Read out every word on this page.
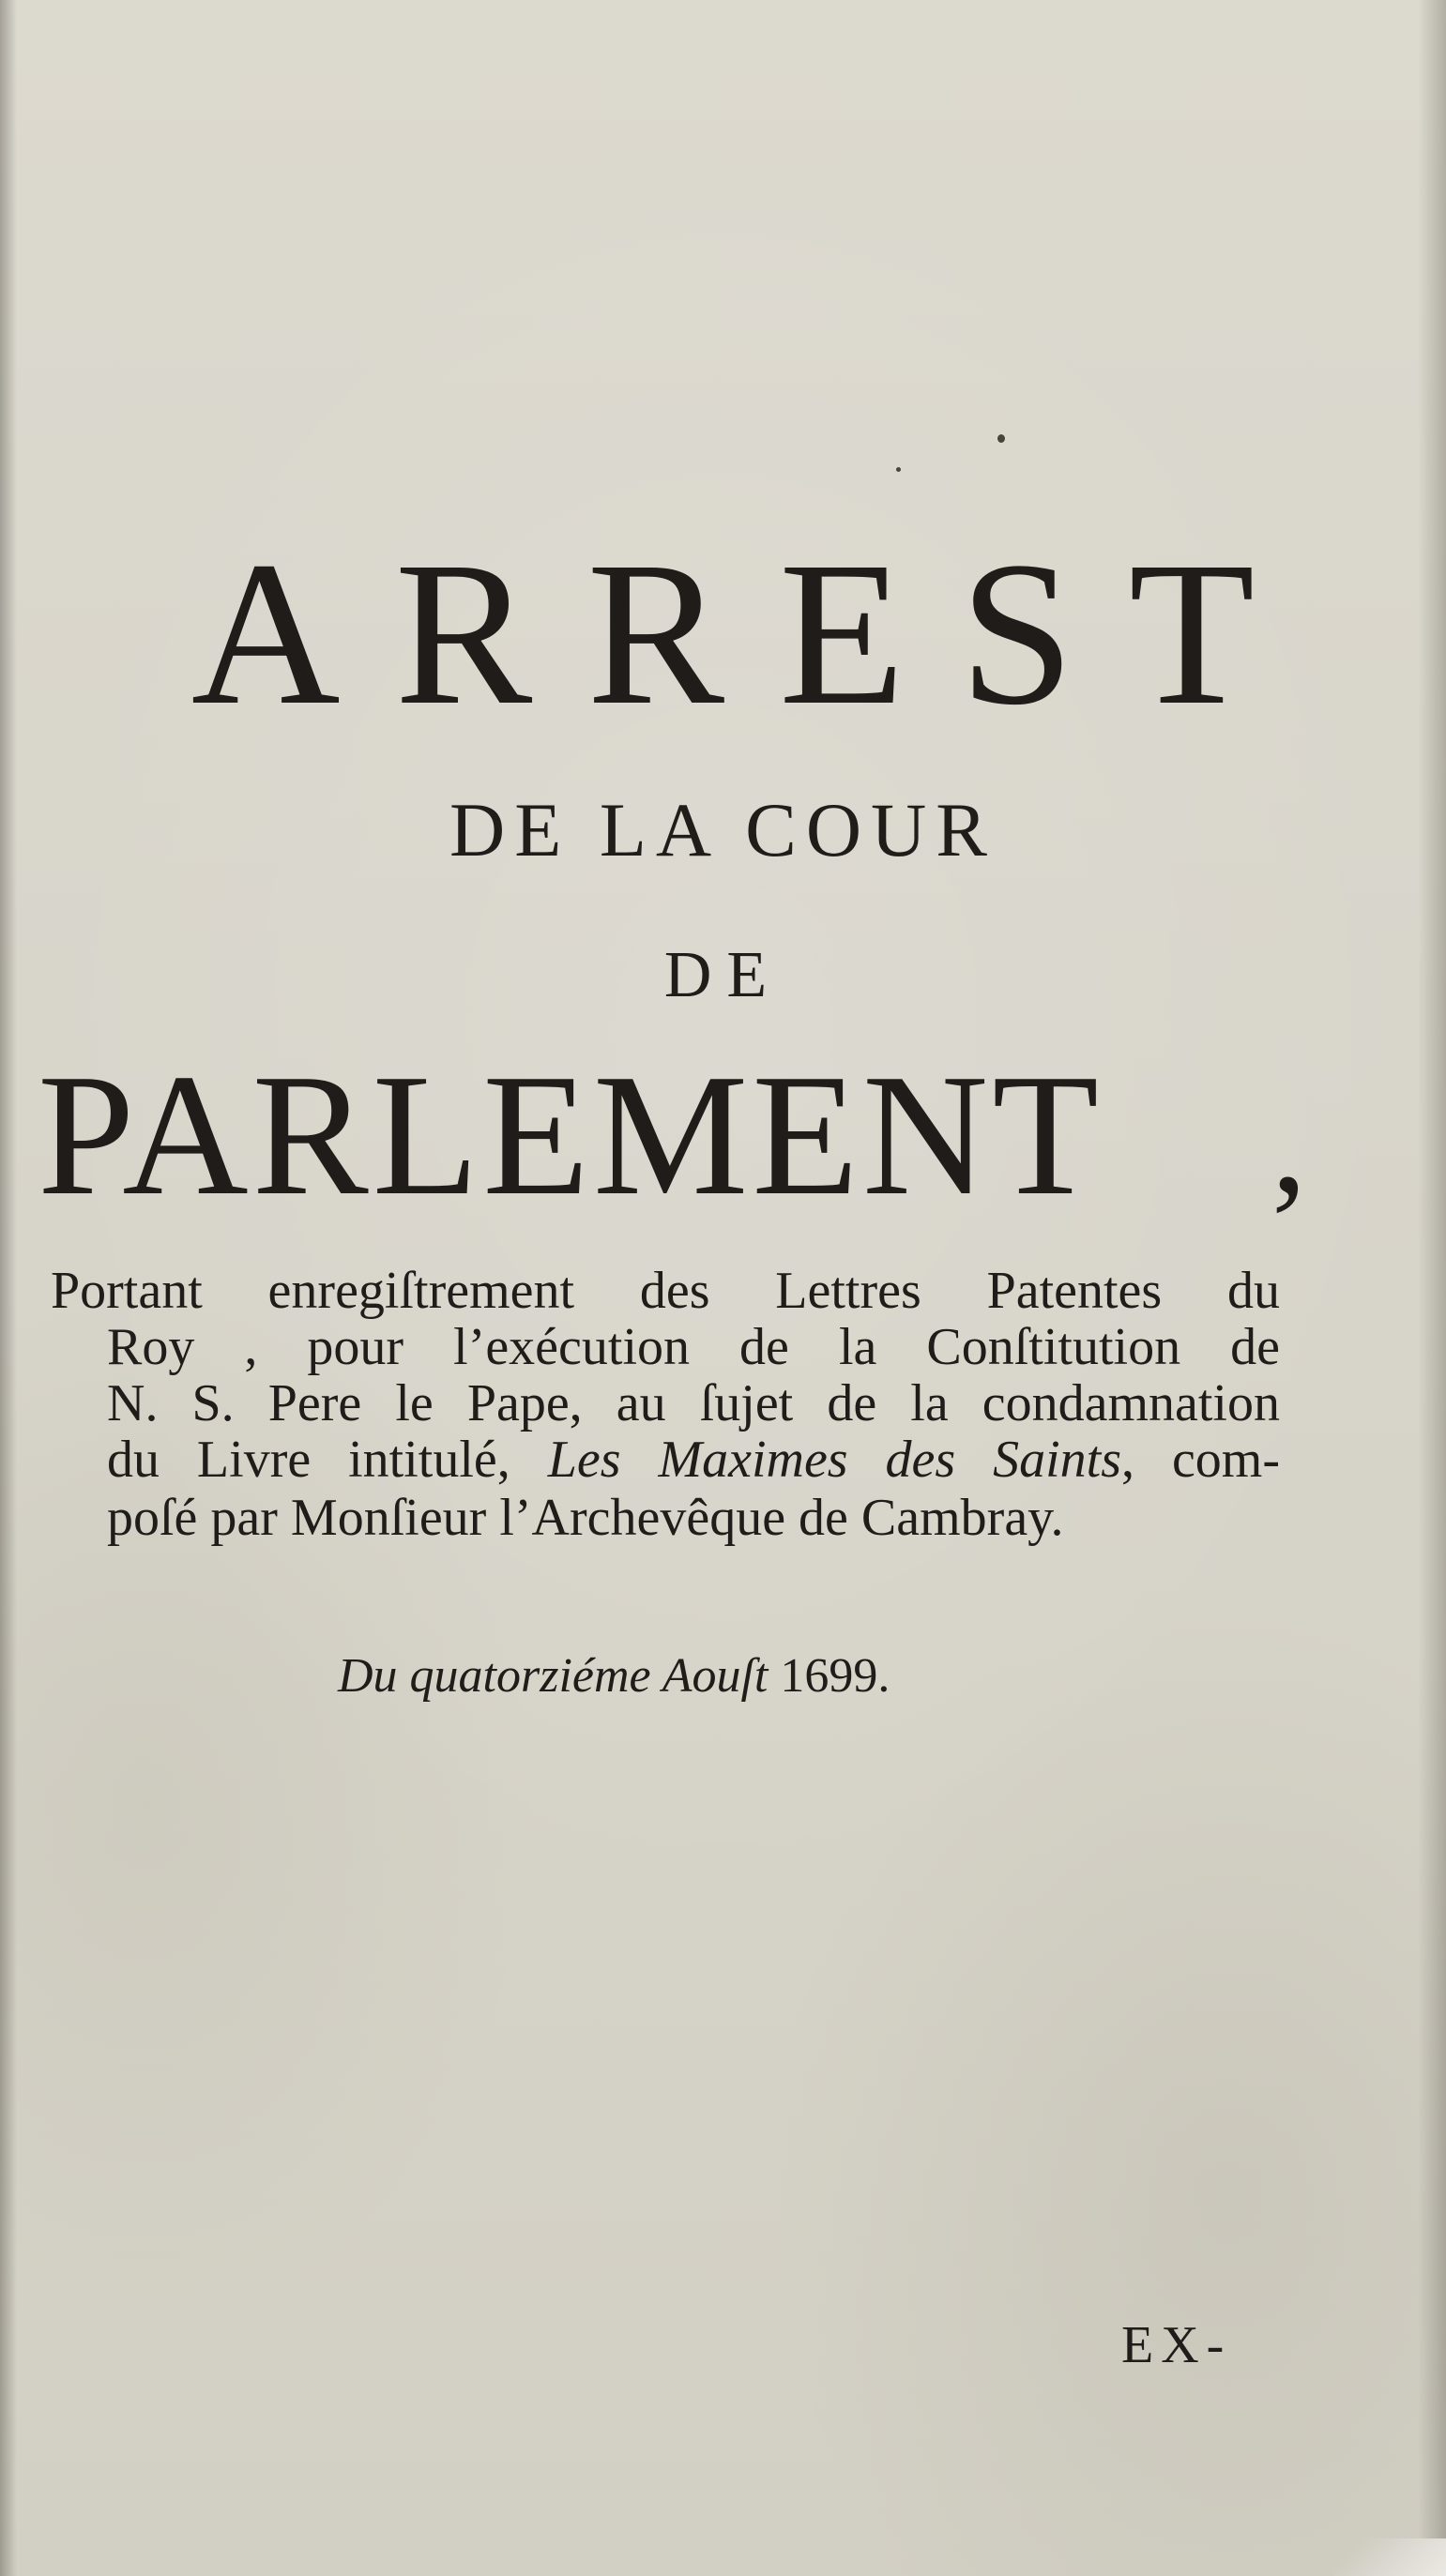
ARREST
DE LA COUR
DE
PARLEMENT	,
Portant enregiſtrement des Lettres Patentes du
Roy , pour l’exécution de la Conſtitution de
N. S. Pere le Pape, au ſujet de la condamnation
du Livre intitulé, Les Maximes des Saints, com-
poſé par Monſieur l’Archevêque de Cambray.
Du quatorziéme Aouſt 1699.
EX-
